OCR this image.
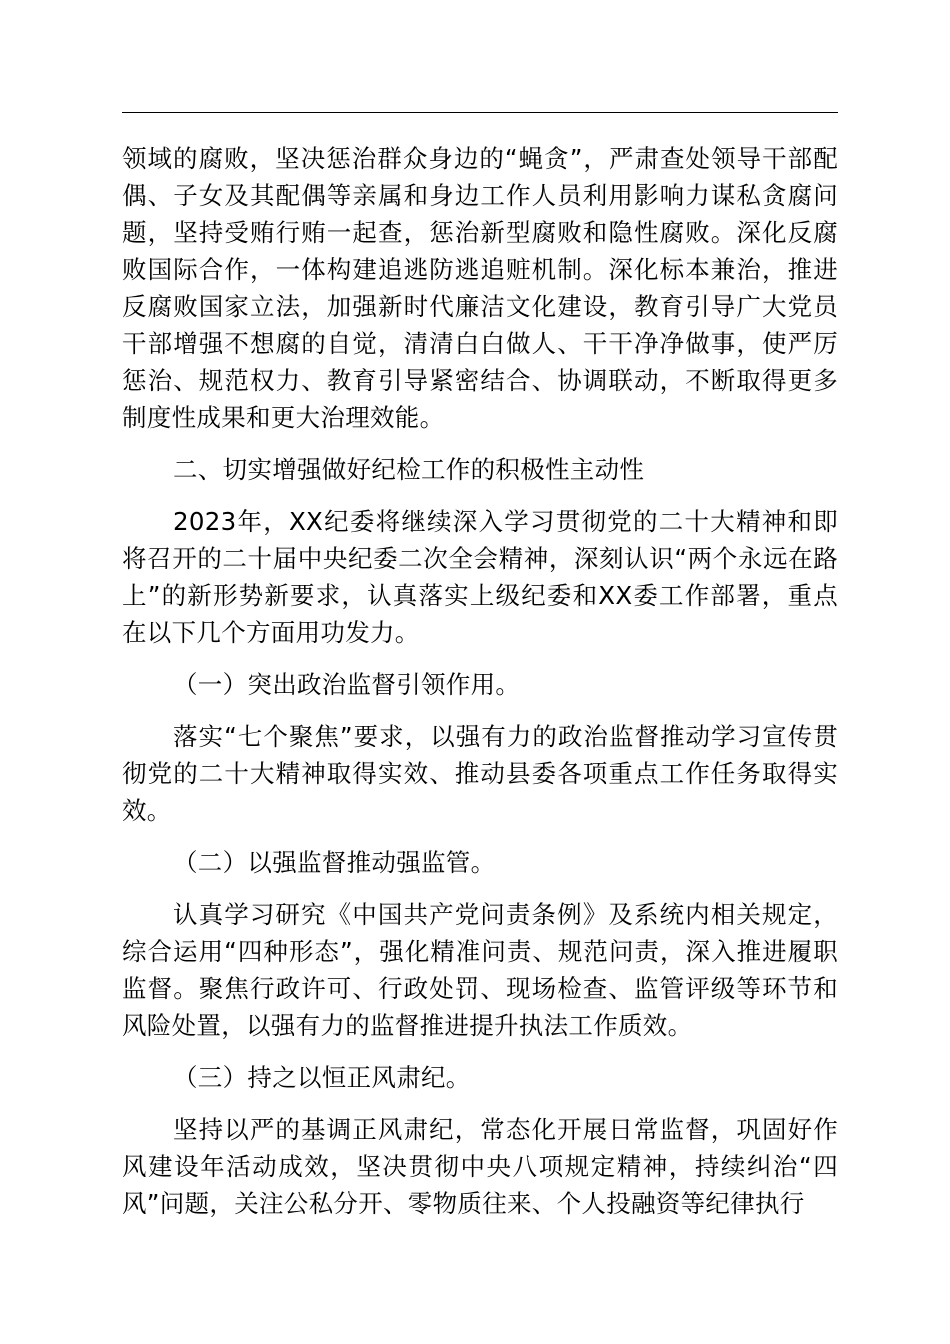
领域的腐败，坚决惩治群众身边的“蝇贪”，严肃查处领导干部配偶、子女及其配偶等亲属和身边工作人员利用影响力谋私贪腐问题，坚持受贿行贿一起查，惩治新型腐败和隐性腐败。深化反腐败国际合作，一体构建追逃防逃追赃机制。深化标本兼治，推进反腐败国家立法，加强新时代廉洁文化建设，教育引导广大党员干部增强不想腐的自觉，清清白白做人、干干净净做事，使严厉惩治、规范权力、教育引导紧密结合、协调联动，不断取得更多制度性成果和更大治理效能。

二、切实增强做好纪检工作的积极性主动性

2023年，XX纪委将继续深入学习贯彻党的二十大精神和即将召开的二十届中央纪委二次全会精神，深刻认识“两个永远在路上”的新形势新要求，认真落实上级纪委和XX委工作部署，重点在以下几个方面用功发力。

（一）突出政治监督引领作用。

落实“七个聚焦”要求，以强有力的政治监督推动学习宣传贯彻党的二十大精神取得实效、推动县委各项重点工作任务取得实效。

（二）以强监督推动强监管。

认真学习研究《中国共产党问责条例》及系统内相关规定，综合运用“四种形态”，强化精准问责、规范问责，深入推进履职监督。聚焦行政许可、行政处罚、现场检查、监管评级等环节和风险处置，以强有力的监督推进提升执法工作质效。

（三）持之以恒正风肃纪。

坚持以严的基调正风肃纪，常态化开展日常监督，巩固好作风建设年活动成效，坚决贯彻中央八项规定精神，持续纠治“四风”问题，关注公私分开、零物质往来、个人投融资等纪律执行
